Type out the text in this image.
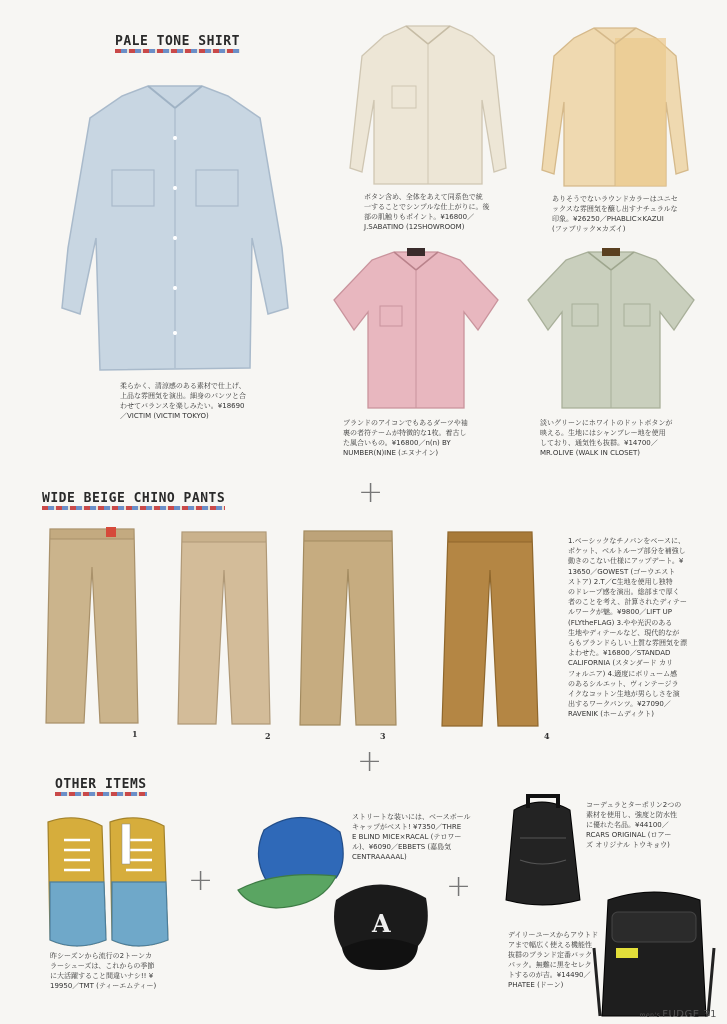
PALE TONE SHIRT
WIDE BEIGE CHINO PANTS
OTHER ITEMS
柔らかく、清涼感のある素材で仕上げ、
上品な雰囲気を演出。細身のパンツと合
わせてバランスを楽しみたい。¥18690
／VICTIM (VICTIM TOKYO)
ボタン含め、全体をあえて同系色で統
一することでシンプルな仕上がりに。後
部の肌触りもポイント。¥16800／
J.SABATINO (12SHOWROOM)
ありそうでないラウンドカラーはユニセ
ックスな雰囲気を醸し出すナチュラルな
印象。¥26250／PHABLIC×KAZUI
(ファブリック×カズイ)
ブランドのアイコンでもあるダーツや袖
裏の者符テームが特徴的な1枚。着古し
た風合いもの。¥16800／n(n) BY
NUMBER(N)INE (エヌナイン)
淡いグリーンにホワイトのドットボタンが
映える。生地にはシャンブレー地を使用
しており、通気性も抜群。¥14700／
MR.OLIVE (WALK IN CLOSET)
+
1	2	3	4
1.ベーシックなチノパンをベースに、
ポケット、ベルトループ部分を補強し
動きのこない仕様にアップデート。¥
13650／GOWEST (ゴーウエスト
ストア) 2.T／C生地を使用し独特
のドレープ感を演出。総部まで厚く
者のことを考え、計算されたディテー
ルワークが魅。¥9800／LIFT UP
(FLYtheFLAG) 3.やや光沢のある
生地やディテールなど、現代的なが
らもブランドらしい上質な雰囲気を漂
よわせた。¥16800／STANDAD
CALIFORNIA (スタンダード カリ
フォルニア) 4.適度にボリューム感
のあるシルエット、ヴィンテージラ
イクなコットン生地が男らしさを演
出するワークパンツ。¥27090／
RAVENIK (ホームディクト)
+
昨シーズンから流行の2トーンカ
ラーシューズは、これからの季節
に大活躍すること間違いナシ!! ¥
19950／TMT (ティーエムティー)
+
A
ストリートな装いには、ベースボール
キャップがベスト! ¥7350／THRE
E BLIND MICE×RACAL (テロワー
ル)、¥6090／EBBETS (嘉島気
CENTRAAAAAL)
+
コーデュラとターポリン2つの
素材を使用し、強度と防水性
に優れた名品。¥44100／
RCARS ORIGINAL (ロアー
ズ オリジナル トウキョウ)
デイリーユースからアウトド
アまで幅広く使える機能性
抜群のブランド定番バック
パック。無難に黒をセレク
トするのが吉。¥14490／
PHATEE (ドーン)
men's FUDGE 31
